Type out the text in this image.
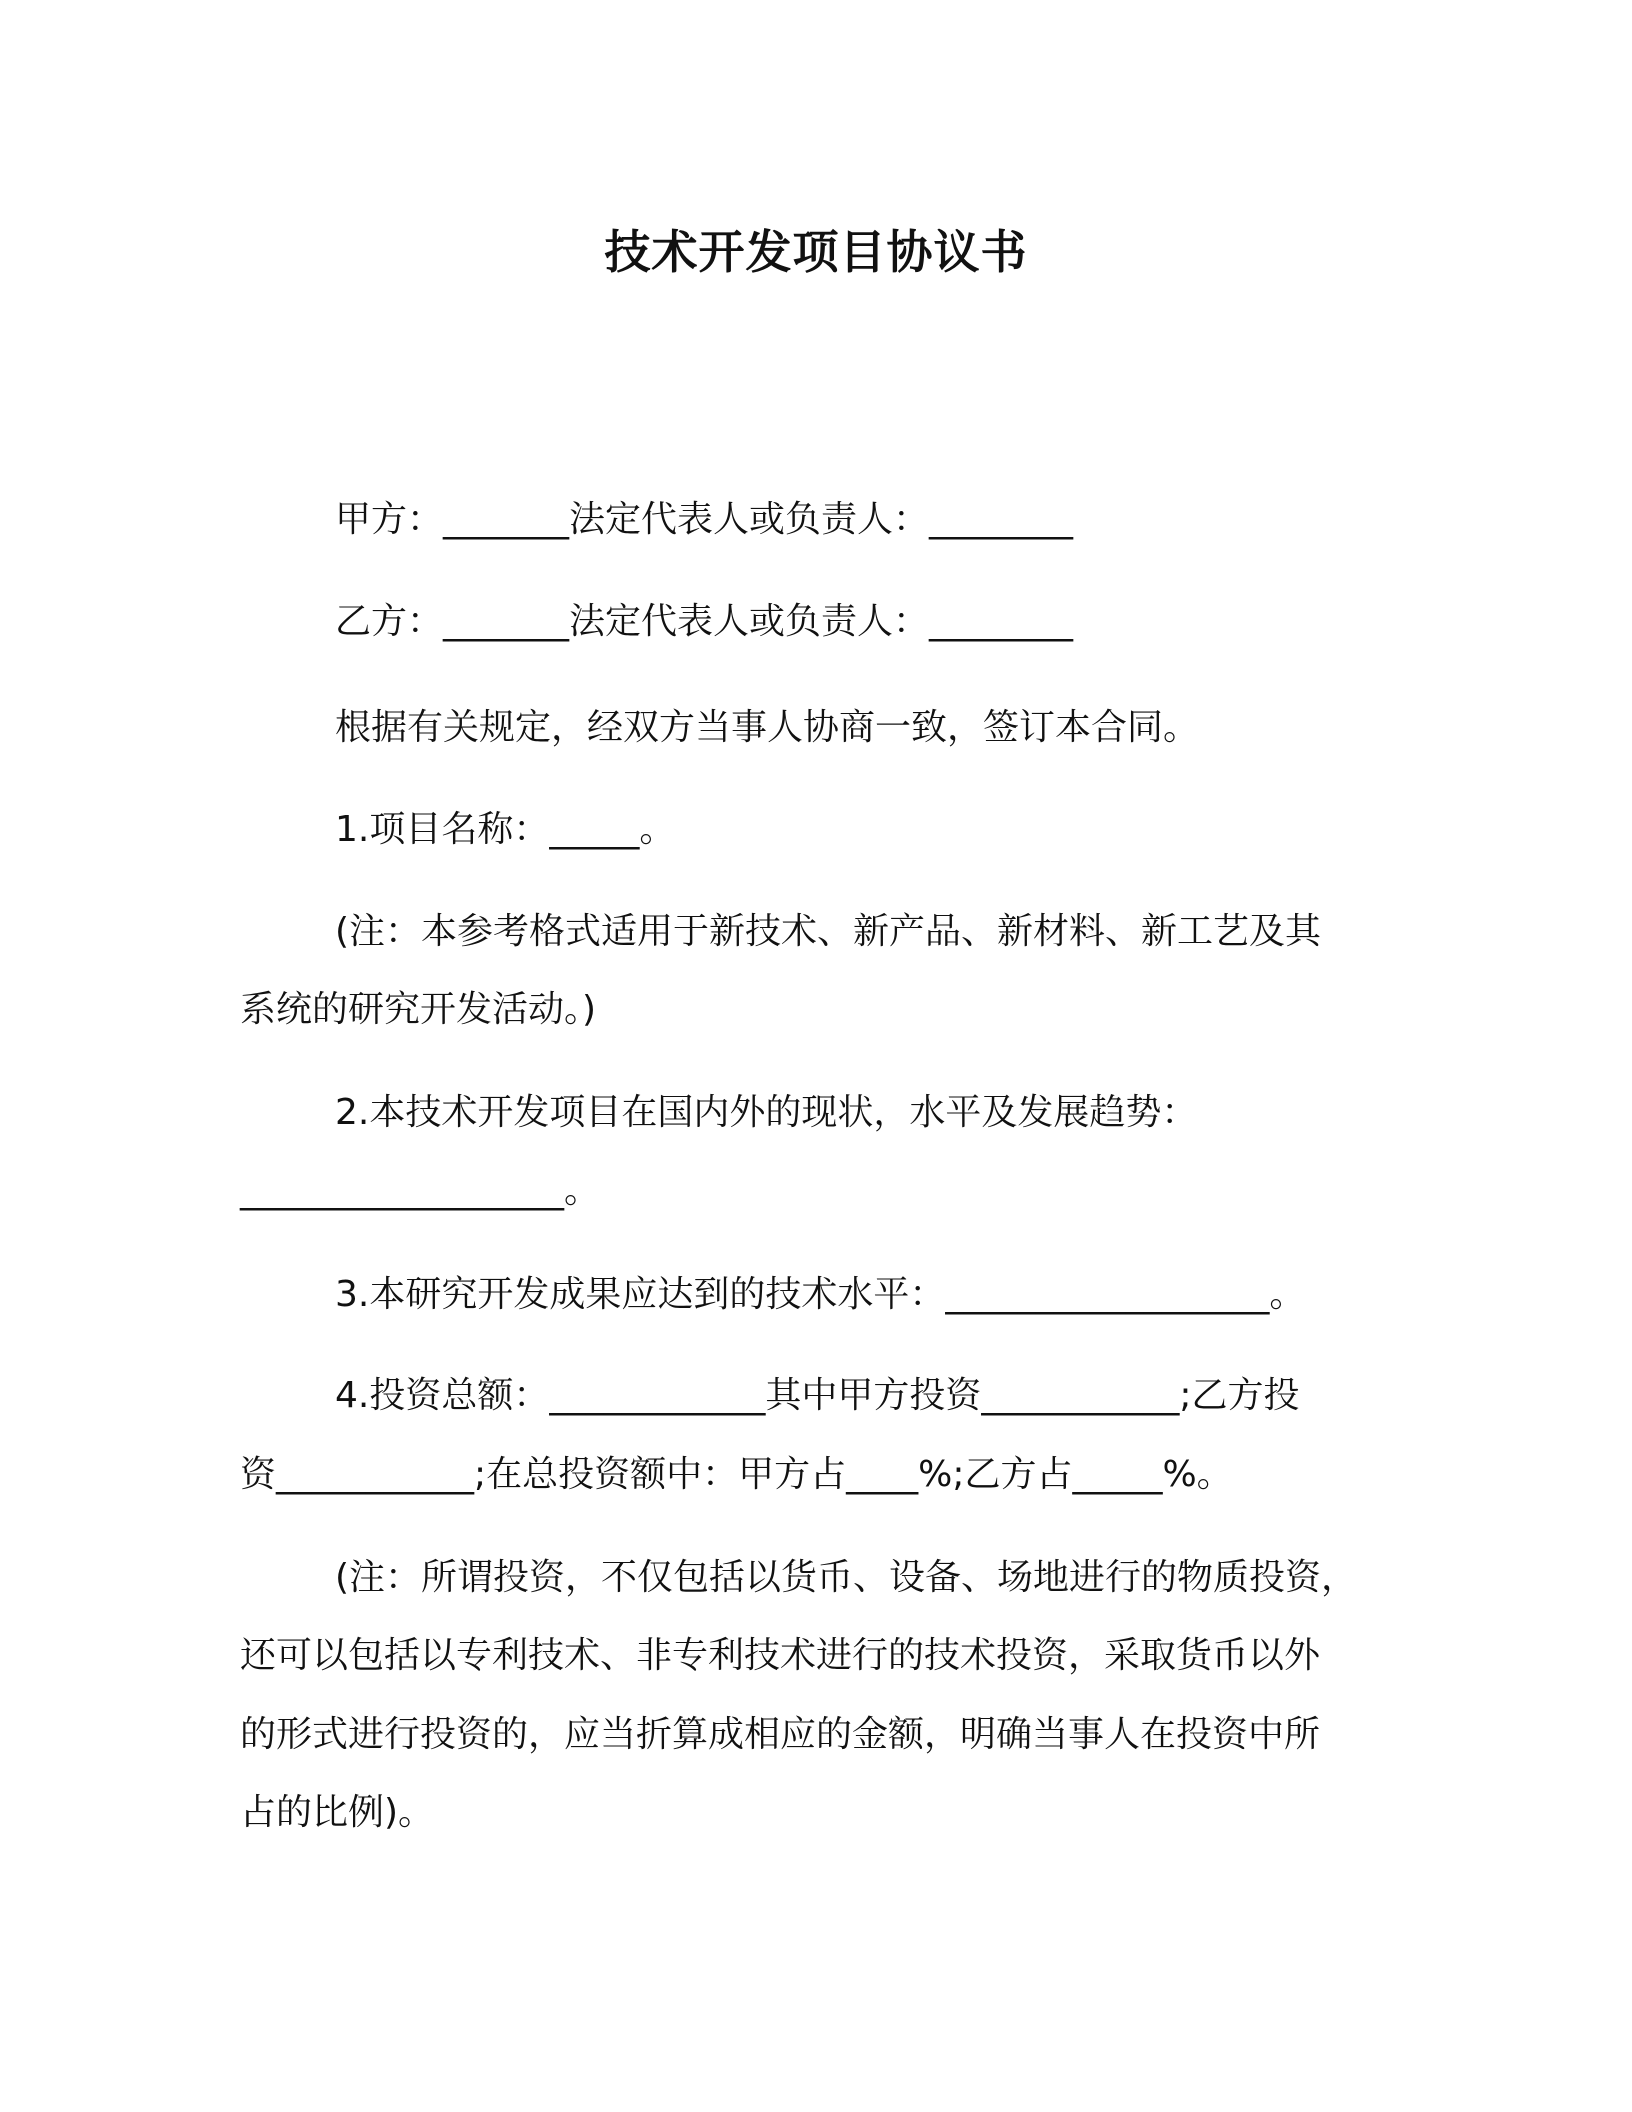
技术开发项目协议书
甲方：_______法定代表人或负责人：________
乙方：_______法定代表人或负责人：________
根据有关规定，经双方当事人协商一致，签订本合同。
1.项目名称：_____。
(注：本参考格式适用于新技术、新产品、新材料、新工艺及其
系统的研究开发活动。)
2.本技术开发项目在国内外的现状，水平及发展趋势：
__________________。
3.本研究开发成果应达到的技术水平：__________________。
4.投资总额：____________其中甲方投资___________;乙方投
资___________;在总投资额中：甲方占____%;乙方占_____%。
(注：所谓投资，不仅包括以货币、设备、场地进行的物质投资，
还可以包括以专利技术、非专利技术进行的技术投资，采取货币以外
的形式进行投资的，应当折算成相应的金额，明确当事人在投资中所
占的比例)。
